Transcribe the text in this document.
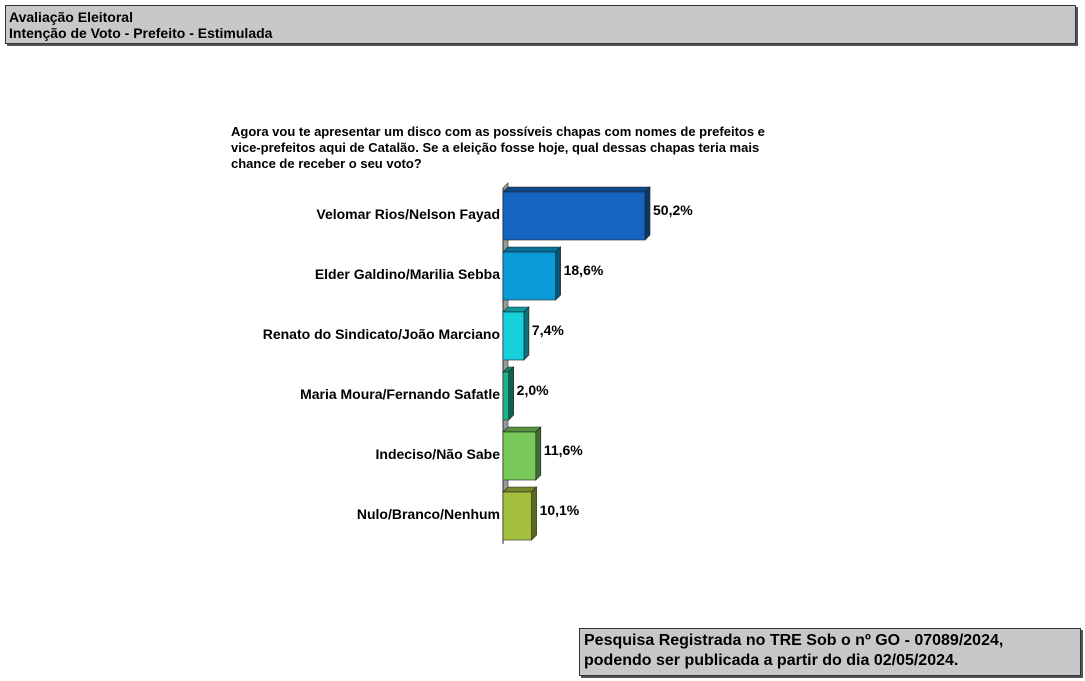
Avaliação Eleitoral
Intenção de Voto - Prefeito - Estimulada
Agora vou te apresentar um disco com as possíveis chapas com nomes de prefeitos e
vice-prefeitos aqui de Catalão. Se a eleição fosse hoje, qual dessas chapas teria mais
chance de receber o seu voto?
Velomar Rios/Nelson Fayad	50,2%
Elder Galdino/Marilia Sebba	18,6%
Renato do Sindicato/João Marciano 7,4%
Maria Moura/Fernando Safatle 2,0%
Indeciso/Não Sabe	11,6%
Nulo/Branco/Nenhum	10,1%
Pesquisa Registrada no TRE Sob o nº GO - 07089/2024,
podendo ser publicada a partir do dia 02/05/2024.
